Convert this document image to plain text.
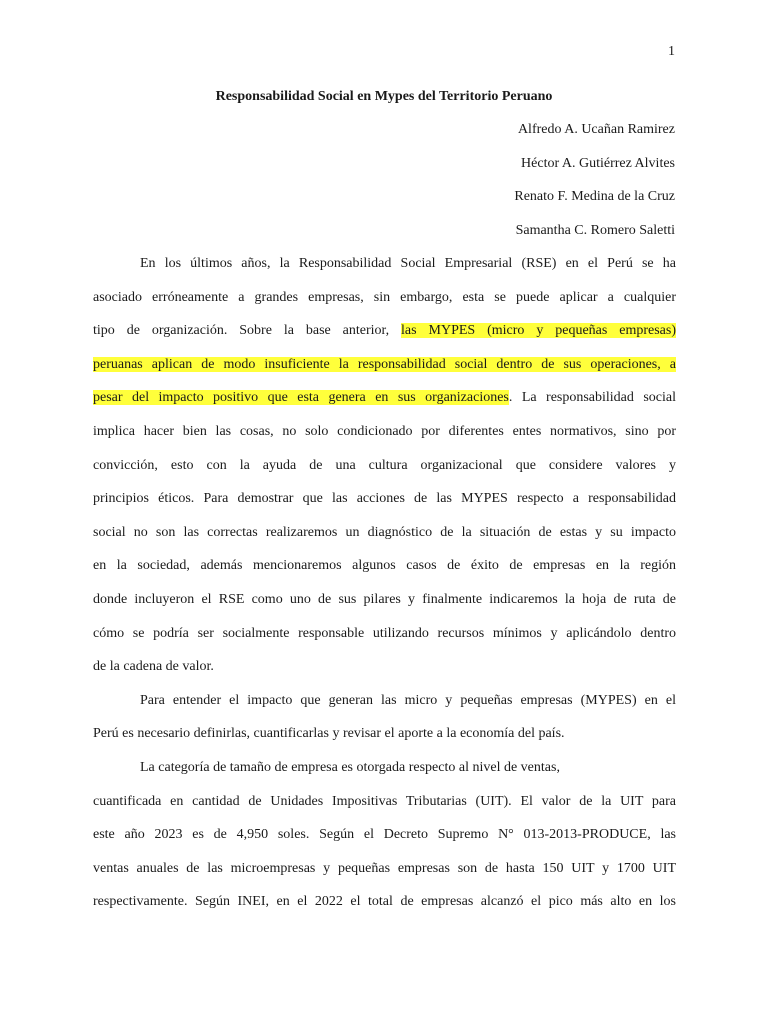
1
Responsabilidad Social en Mypes del Territorio Peruano
Alfredo A. Ucañan Ramirez
Héctor A. Gutiérrez Alvites
Renato F. Medina de la Cruz
Samantha C. Romero Saletti
En los últimos años, la Responsabilidad Social Empresarial (RSE) en el Perú se ha
asociado erróneamente a grandes empresas, sin embargo, esta se puede aplicar a cualquier
tipo de organización. Sobre la base anterior, las MYPES (micro y pequeñas empresas)
peruanas aplican de modo insuficiente la responsabilidad social dentro de sus operaciones, a
pesar del impacto positivo que esta genera en sus organizaciones. La responsabilidad social
implica hacer bien las cosas, no solo condicionado por diferentes entes normativos, sino por
convicción, esto con la ayuda de una cultura organizacional que considere valores y
principios éticos. Para demostrar que las acciones de las MYPES respecto a responsabilidad
social no son las correctas realizaremos un diagnóstico de la situación de estas y su impacto
en la sociedad, además mencionaremos algunos casos de éxito de empresas en la región
donde incluyeron el RSE como uno de sus pilares y finalmente indicaremos la hoja de ruta de
cómo se podría ser socialmente responsable utilizando recursos mínimos y aplicándolo dentro
de la cadena de valor.
Para entender el impacto que generan las micro y pequeñas empresas (MYPES) en el
Perú es necesario definirlas, cuantificarlas y revisar el aporte a la economía del país.
La categoría de tamaño de empresa es otorgada respecto al nivel de ventas,
cuantificada en cantidad de Unidades Impositivas Tributarias (UIT). El valor de la UIT para
este año 2023 es de 4,950 soles. Según el Decreto Supremo N° 013-2013-PRODUCE, las
ventas anuales de las microempresas y pequeñas empresas son de hasta 150 UIT y 1700 UIT
respectivamente. Según INEI, en el 2022 el total de empresas alcanzó el pico más alto en los
